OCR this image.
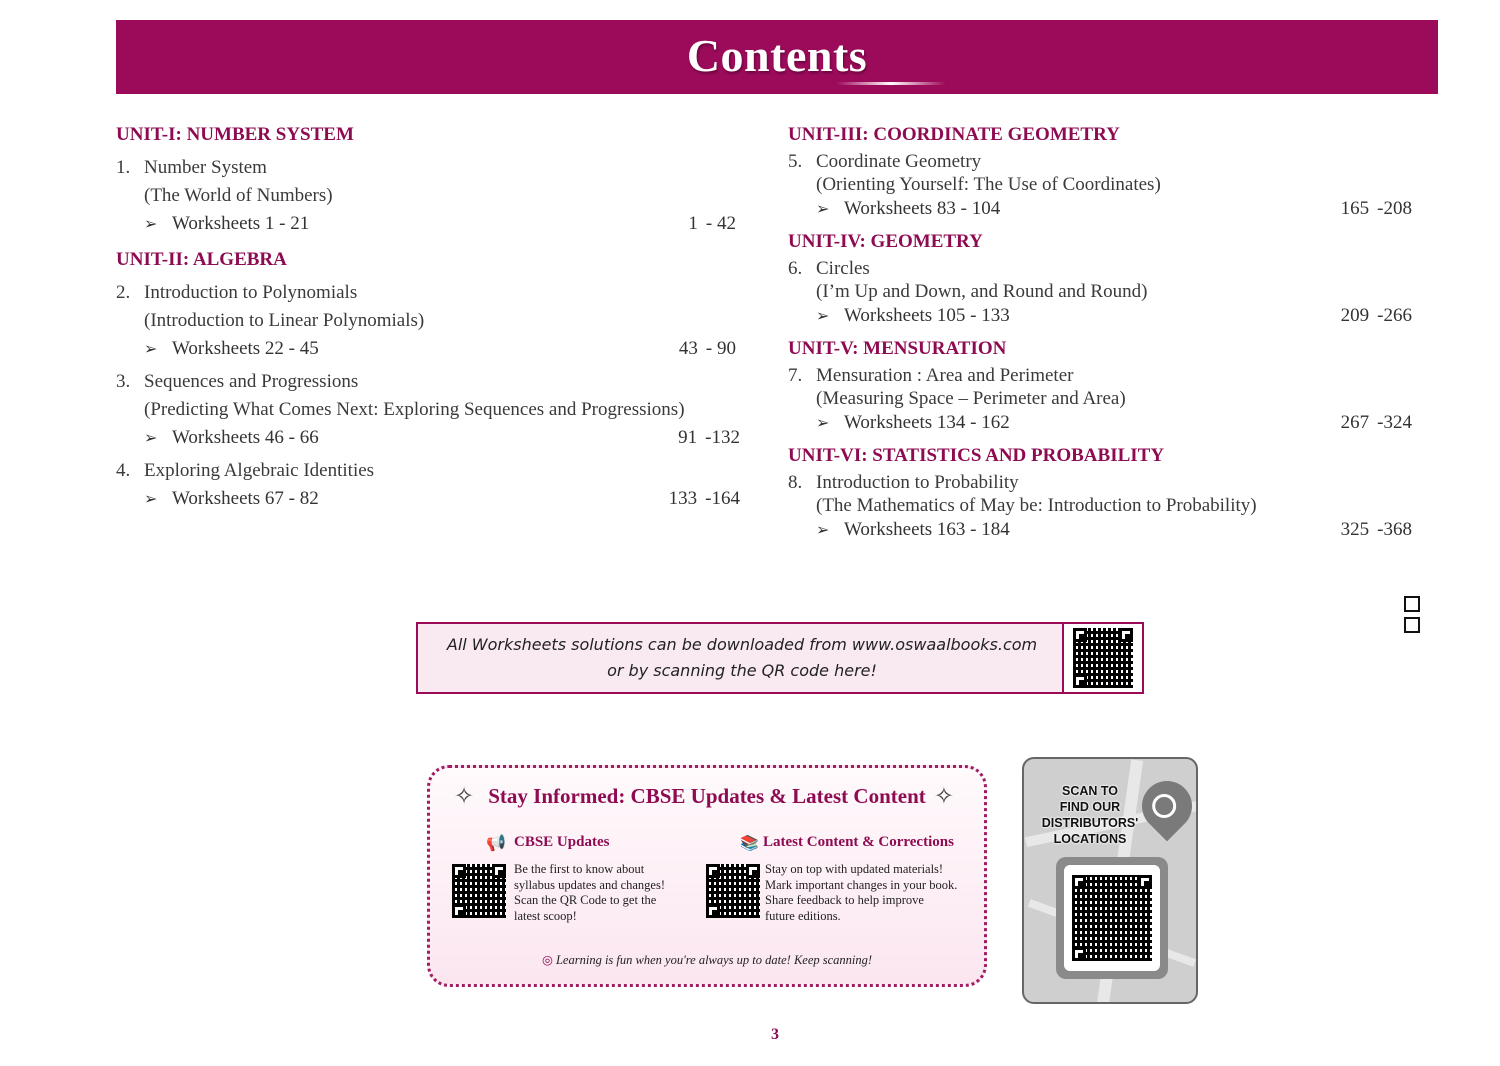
Contents

UNIT-I: NUMBER SYSTEM

1. Number System
(The World of Numbers)
➢ Worksheets 1 - 21	1 - 42

UNIT-II: ALGEBRA

2. Introduction to Polynomials
(Introduction to Linear Polynomials)
➢ Worksheets 22 - 45	43 - 90
3. Sequences and Progressions
(Predicting What Comes Next: Exploring Sequences and Progressions)
➢ Worksheets 46 - 66	91 -132
4. Exploring Algebraic Identities
➢ Worksheets 67 - 82	133 -164

UNIT-III: COORDINATE GEOMETRY

5. Coordinate Geometry
(Orienting Yourself: The Use of Coordinates)
➢ Worksheets 83 - 104	165 -208

UNIT-IV: GEOMETRY

6. Circles
(I’m Up and Down, and Round and Round)
➢ Worksheets 105 - 133	209 -266

UNIT-V: MENSURATION

7. Mensuration : Area and Perimeter
(Measuring Space – Perimeter and Area)
➢ Worksheets 134 - 162	267 -324

UNIT-VI: STATISTICS AND PROBABILITY

8. Introduction to Probability
(The Mathematics of May be: Introduction to Probability)
➢ Worksheets 163 - 184	325 -368
All Worksheets solutions can be downloaded from www.oswaalbooks.com
or by scanning the QR code here!
✧ Stay Informed: CBSE Updates & Latest Content ✧
📢 CBSE Updates
Be the first to know about
syllabus updates and changes!
Scan the QR Code to get the
latest scoop!
📚 Latest Content & Corrections
Stay on top with updated materials!
Mark important changes in your book.
Share feedback to help improve
future editions.
◎ Learning is fun when you're always up to date! Keep scanning!
SCAN TO
FIND OUR
DISTRIBUTORS'
LOCATIONS
3
